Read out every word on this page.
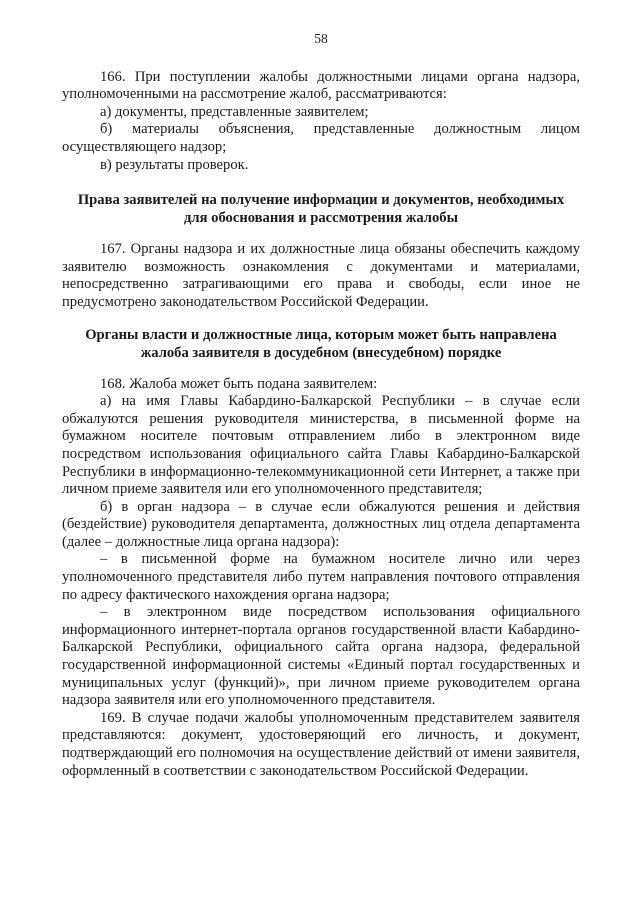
58

166. При поступлении жалобы должностными лицами органа надзора, уполномоченными на рассмотрение жалоб, рассматриваются:

а) документы, представленные заявителем;

б) материалы объяснения, представленные должностным лицом осуществляющего надзор;

в) результаты проверок.

Права заявителей на получение информации и документов, необходимых для обоснования и рассмотрения жалобы

167. Органы надзора и их должностные лица обязаны обеспечить каждому заявителю возможность ознакомления с документами и материалами, непосредственно затрагивающими его права и свободы, если иное не предусмотрено законодательством Российской Федерации.

Органы власти и должностные лица, которым может быть направлена жалоба заявителя в досудебном (внесудебном) порядке

168. Жалоба может быть подана заявителем:

а) на имя Главы Кабардино-Балкарской Республики – в случае если обжалуются решения руководителя министерства, в письменной форме на бумажном носителе почтовым отправлением либо в электронном виде посредством использования официального сайта Главы Кабардино-Балкарской Республики в информационно-телекоммуникационной сети Интернет, а также при личном приеме заявителя или его уполномоченного представителя;

б) в орган надзора – в случае если обжалуются решения и действия (бездействие) руководителя департамента, должностных лиц отдела департамента (далее – должностные лица органа надзора):

– в письменной форме на бумажном носителе лично или через уполномоченного представителя либо путем направления почтового отправления по адресу фактического нахождения органа надзора;

– в электронном виде посредством использования официального информационного интернет-портала органов государственной власти Кабардино-Балкарской Республики, официального сайта органа надзора, федеральной государственной информационной системы «Единый портал государственных и муниципальных услуг (функций)», при личном приеме руководителем органа надзора заявителя или его уполномоченного представителя.

169. В случае подачи жалобы уполномоченным представителем заявителя представляются: документ, удостоверяющий его личность, и документ, подтверждающий его полномочия на осуществление действий от имени заявителя, оформленный в соответствии с законодательством Российской Федерации.
